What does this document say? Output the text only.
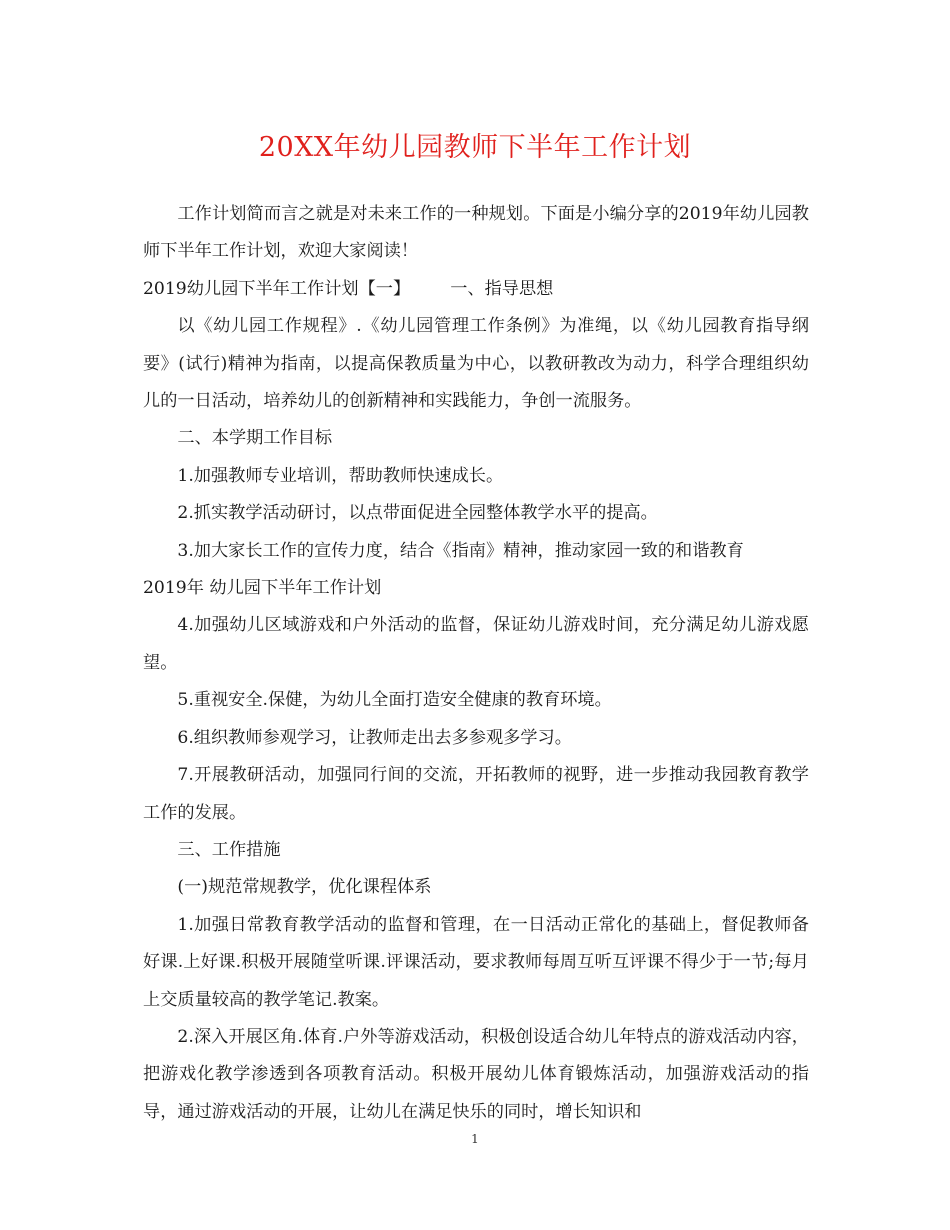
20XX年幼儿园教师下半年工作计划

工作计划简而言之就是对未来工作的一种规划。下面是小编分享的2019年幼儿园教师下半年工作计划，欢迎大家阅读！

2019幼儿园下半年工作计划【一】 一、指导思想

以《幼儿园工作规程》.《幼儿园管理工作条例》为准绳，以《幼儿园教育指导纲要》(试行)精神为指南，以提高保教质量为中心，以教研教改为动力，科学合理组织幼儿的一日活动，培养幼儿的创新精神和实践能力，争创一流服务。

二、本学期工作目标

1.加强教师专业培训，帮助教师快速成长。

2.抓实教学活动研讨，以点带面促进全园整体教学水平的提高。

3.加大家长工作的宣传力度，结合《指南》精神，推动家园一致的和谐教育

2019年 幼儿园下半年工作计划

4.加强幼儿区域游戏和户外活动的监督，保证幼儿游戏时间，充分满足幼儿游戏愿望。

5.重视安全.保健，为幼儿全面打造安全健康的教育环境。

6.组织教师参观学习，让教师走出去多参观多学习。

7.开展教研活动，加强同行间的交流，开拓教师的视野，进一步推动我园教育教学工作的发展。

三、工作措施

(一)规范常规教学，优化课程体系

1.加强日常教育教学活动的监督和管理，在一日活动正常化的基础上，督促教师备好课.上好课.积极开展随堂听课.评课活动，要求教师每周互听互评课不得少于一节;每月上交质量较高的教学笔记.教案。

2.深入开展区角.体育.户外等游戏活动，积极创设适合幼儿年特点的游戏活动内容，把游戏化教学渗透到各项教育活动。积极开展幼儿体育锻炼活动，加强游戏活动的指导，通过游戏活动的开展，让幼儿在满足快乐的同时，增长知识和

1
